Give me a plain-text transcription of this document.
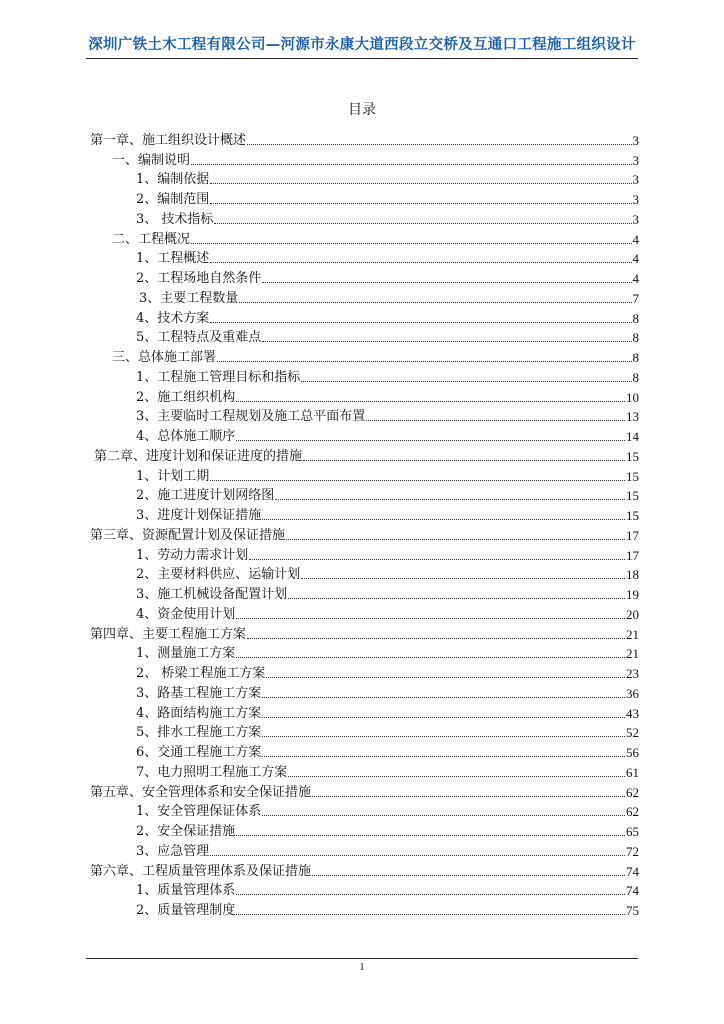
深圳广铁土木工程有限公司—河源市永康大道西段立交桥及互通口工程施工组织设计
目录
第一章、施工组织设计概述	3
一、编制说明	3
1、编制依据	3
2、编制范围	3
3、 技术指标	3
二、工程概况	4
1、工程概述	4
2、工程场地自然条件	4
3、主要工程数量	7
4、技术方案	8
5、工程特点及重难点	8
三、总体施工部署	8
1、工程施工管理目标和指标	8
2、施工组织机构	10
3、主要临时工程规划及施工总平面布置	13
4、总体施工顺序	14
第二章、进度计划和保证进度的措施	15
1、计划工期	15
2、施工进度计划网络图	15
3、进度计划保证措施	15
第三章、资源配置计划及保证措施	17
1、劳动力需求计划	17
2、主要材料供应、运输计划	18
3、施工机械设备配置计划	19
4、资金使用计划	20
第四章、主要工程施工方案	21
1、测量施工方案	21
2、 桥梁工程施工方案	23
3、路基工程施工方案	36
4、路面结构施工方案	43
5、排水工程施工方案	52
6、交通工程施工方案	56
7、电力照明工程施工方案	61
第五章、安全管理体系和安全保证措施	62
1、安全管理保证体系	62
2、安全保证措施	65
3、应急管理	72
第六章、工程质量管理体系及保证措施	74
1、质量管理体系	74
2、质量管理制度	75
1
